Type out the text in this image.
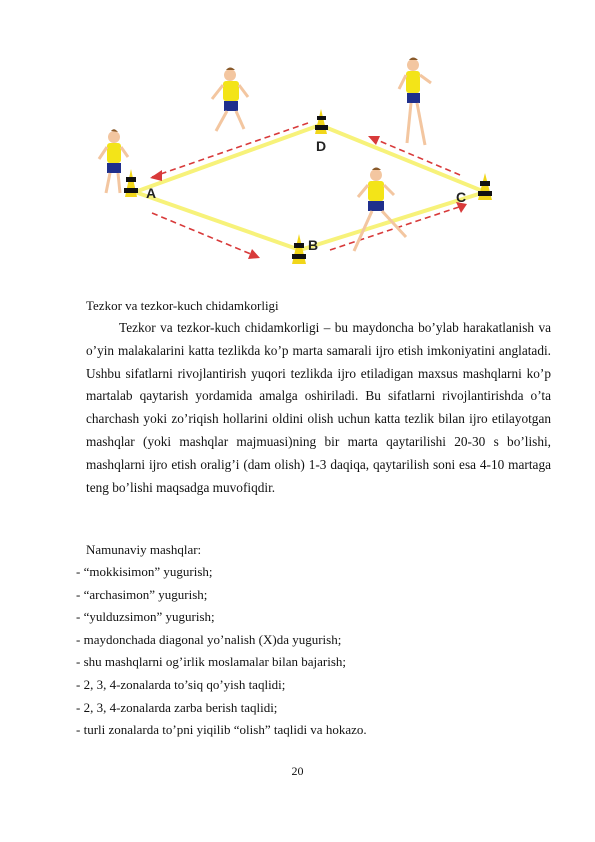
A
B
C
D
Tezkor va tezkor-kuch chidamkorligi
Tezkor va tezkor-kuch chidamkorligi – bu maydoncha bo’ylab harakatlanish va o’yin malakalarini katta tezlikda ko’p marta samarali ijro etish imkoniyatini anglatadi. Ushbu sifatlarni rivojlantirish yuqori tezlikda ijro etiladigan maxsus mashqlarni ko’p martalab qaytarish yordamida amalga oshiriladi. Bu sifatlarni rivojlantirishda o’ta charchash yoki zo’riqish hollarini oldini olish uchun katta tezlik bilan ijro etilayotgan mashqlar (yoki mashqlar majmuasi)ning bir marta qaytarilishi 20-30 s bo’lishi, mashqlarni ijro etish oralig’i (dam olish) 1-3 daqiqa, qaytarilish soni esa 4-10 martaga teng bo’lishi maqsadga muvofiqdir.
Namunaviy mashqlar:
- “mokkisimon” yugurish;
- “archasimon” yugurish;
- “yulduzsimon” yugurish;
- maydonchada diagonal yo’nalish (X)da yugurish;
- shu mashqlarni og’irlik moslamalar bilan bajarish;
- 2, 3, 4-zonalarda to’siq qo’yish taqlidi;
- 2, 3, 4-zonalarda zarba berish taqlidi;
- turli zonalarda to’pni yiqilib “olish” taqlidi va hokazo.
20
